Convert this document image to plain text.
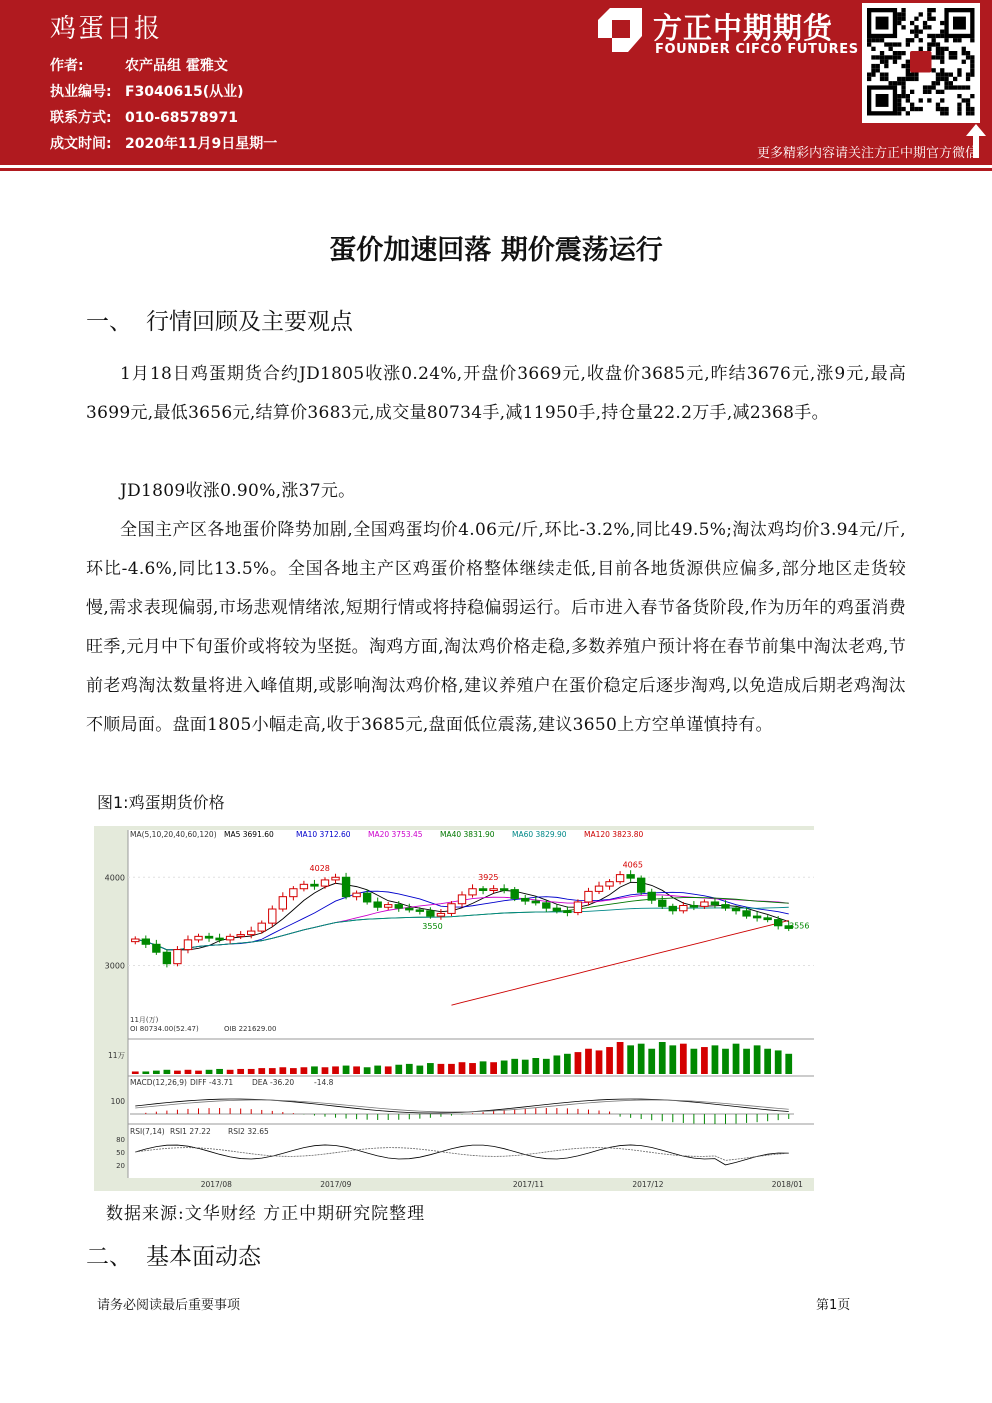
鸡蛋日报
作者:	农产品组 霍雅文
执业编号: F3040615(从业)
联系方式: 010-68578971
成文时间: 2020年11月9日星期一
方正中期期货
FOUNDER CIFCO FUTURES
更多精彩内容请关注方正中期官方微信
蛋价加速回落 期价震荡运行
一、 行情回顾及主要观点
1月18日鸡蛋期货合约JD1805收涨0.24%,开盘价3669元,收盘价3685元,昨结3676元,涨9元,最高3699元,最低3656元,结算价3683元,成交量80734手,减11950手,持仓量22.2万手,减2368手。
JD1809收涨0.90%,涨37元。
全国主产区各地蛋价降势加剧,全国鸡蛋均价4.06元/斤,环比-3.2%,同比49.5%;淘汰鸡均价3.94元/斤,环比-4.6%,同比13.5%。全国各地主产区鸡蛋价格整体继续走低,目前各地货源供应偏多,部分地区走货较慢,需求表现偏弱,市场悲观情绪浓,短期行情或将持稳偏弱运行。后市进入春节备货阶段,作为历年的鸡蛋消费旺季,元月中下旬蛋价或将较为坚挺。淘鸡方面,淘汰鸡价格走稳,多数养殖户预计将在春节前集中淘汰老鸡,节前老鸡淘汰数量将进入峰值期,或影响淘汰鸡价格,建议养殖户在蛋价稳定后逐步淘鸡,以免造成后期老鸡淘汰不顺局面。盘面1805小幅走高,收于3685元,盘面低位震荡,建议3650上方空单谨慎持有。
图1:鸡蛋期货价格
4000
3000
4028
3925
3550
4065
3556
MA(5,10,20,40,60,120) MA5 3691.60	MA10 3712.60 MA20 3753.45 MA40 3831.90 MA60 3829.90 MA120 3823.80
OI 80734.00(52.47)	OIB 221629.00
11月(万)
11万
MACD(12,26,9) DIFF -43.71	DEA -36.20	-14.8
100
RSI(7,14) RSI1 27.22 RSI2 32.65
80
50
20
2017/08	2017/09	2017/11	2017/12	2018/01
数据来源:文华财经 方正中期研究院整理
二、 基本面动态
请务必阅读最后重要事项	第1页
